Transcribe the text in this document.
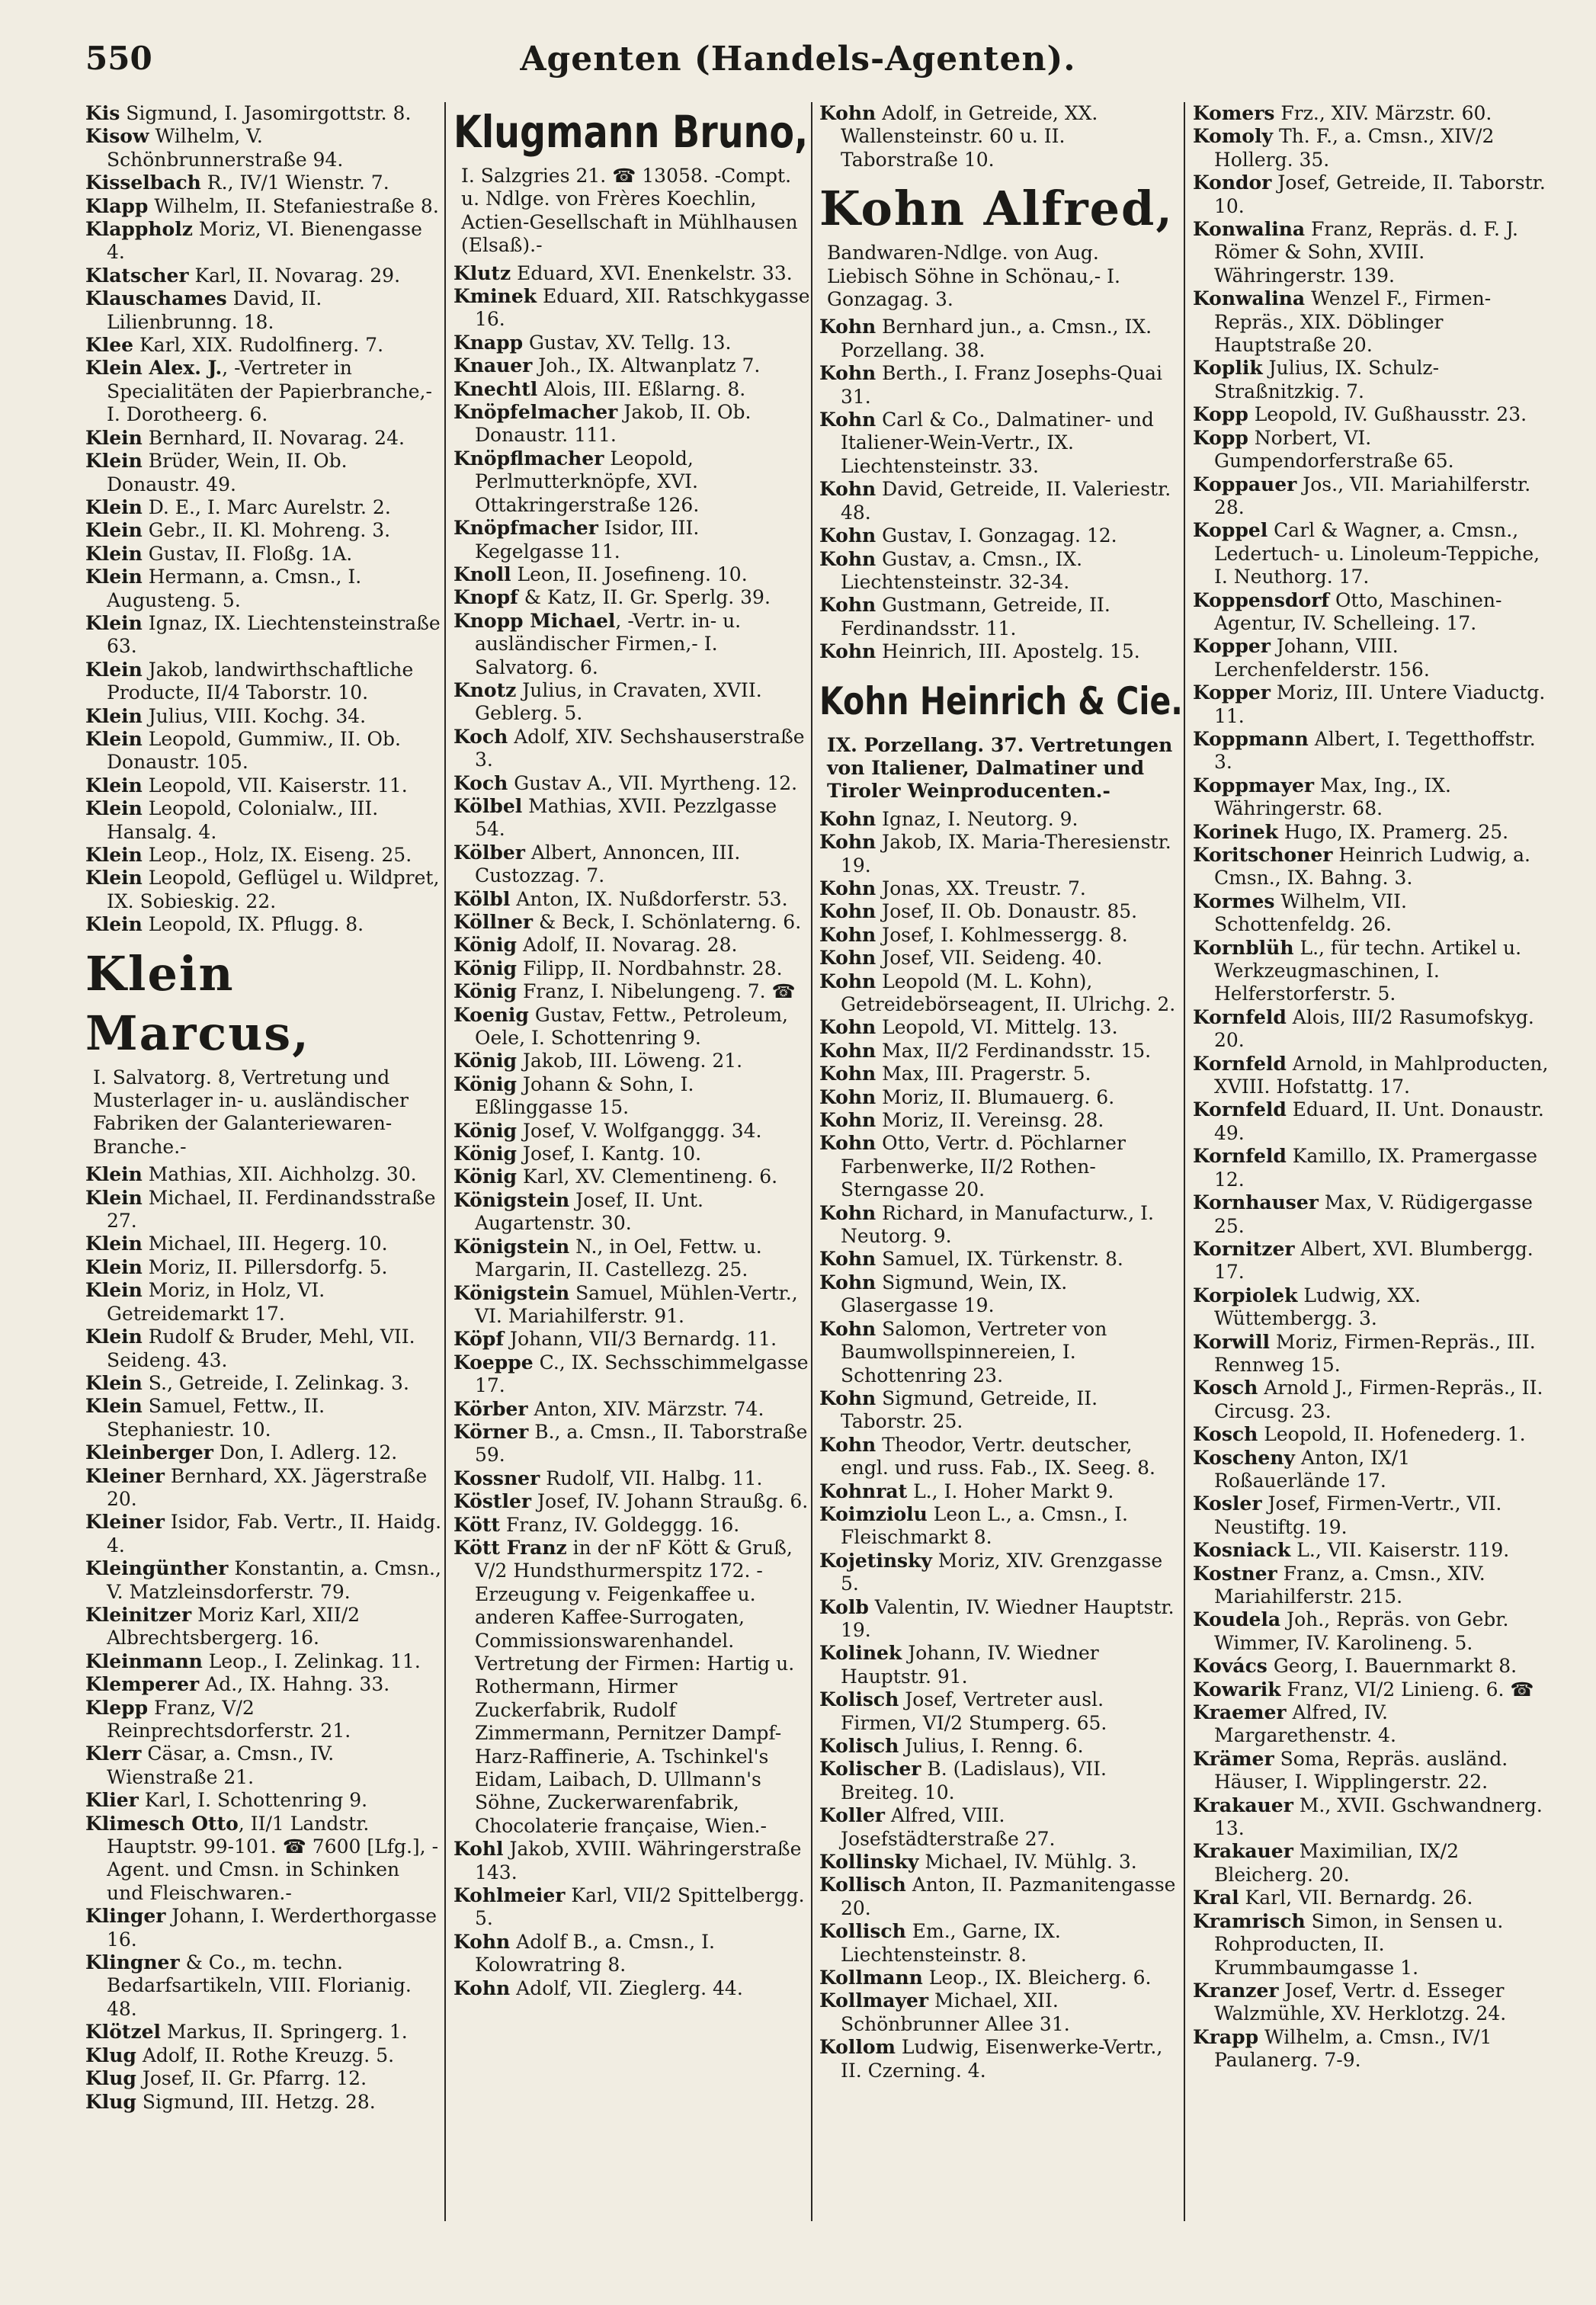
550	Agenten (Handels-Agenten).

Kis Sigmund, I. Jasomirgottstr. 8.

Kisow Wilhelm, V. Schönbrunnerstraße 94.

Kisselbach R., IV/1 Wienstr. 7.

Klapp Wilhelm, II. Stefaniestraße 8.

Klappholz Moriz, VI. Bienengasse 4.

Klatscher Karl, II. Novarag. 29.

Klauschames David, II. Lilienbrunng. 18.

Klee Karl, XIX. Rudolfinerg. 7.

Klein Alex. J., -Vertreter in Specialitäten der Papierbranche,- I. Dorotheerg. 6.

Klein Bernhard, II. Novarag. 24.

Klein Brüder, Wein, II. Ob. Donaustr. 49.

Klein D. E., I. Marc Aurelstr. 2.

Klein Gebr., II. Kl. Mohreng. 3.

Klein Gustav, II. Floßg. 1A.

Klein Hermann, a. Cmsn., I. Augusteng. 5.

Klein Ignaz, IX. Liechtensteinstraße 63.

Klein Jakob, landwirthschaftliche Producte, II/4 Taborstr. 10.

Klein Julius, VIII. Kochg. 34.

Klein Leopold, Gummiw., II. Ob. Donaustr. 105.

Klein Leopold, VII. Kaiserstr. 11.

Klein Leopold, Colonialw., III. Hansalg. 4.

Klein Leop., Holz, IX. Eiseng. 25.

Klein Leopold, Geflügel u. Wildpret, IX. Sobieskig. 22.

Klein Leopold, IX. Pflugg. 8.

Klein Marcus,

I. Salvatorg. 8, Vertretung und Musterlager in- u. ausländischer Fabriken der Galanteriewaren-Branche.-

Klein Mathias, XII. Aichholzg. 30.

Klein Michael, II. Ferdinandsstraße 27.

Klein Michael, III. Hegerg. 10.

Klein Moriz, II. Pillersdorfg. 5.

Klein Moriz, in Holz, VI. Getreidemarkt 17.

Klein Rudolf & Bruder, Mehl, VII. Seideng. 43.

Klein S., Getreide, I. Zelinkag. 3.

Klein Samuel, Fettw., II. Stephaniestr. 10.

Kleinberger Don, I. Adlerg. 12.

Kleiner Bernhard, XX. Jägerstraße 20.

Kleiner Isidor, Fab. Vertr., II. Haidg. 4.

Kleingünther Konstantin, a. Cmsn., V. Matzleinsdorferstr. 79.

Kleinitzer Moriz Karl, XII/2 Albrechtsbergerg. 16.

Kleinmann Leop., I. Zelinkag. 11.

Klemperer Ad., IX. Hahng. 33.

Klepp Franz, V/2 Reinprechtsdorferstr. 21.

Klerr Cäsar, a. Cmsn., IV. Wienstraße 21.

Klier Karl, I. Schottenring 9.

Klimesch Otto, II/1 Landstr. Hauptstr. 99-101. ☎ 7600 [Lfg.], -Agent. und Cmsn. in Schinken und Fleischwaren.-

Klinger Johann, I. Werderthorgasse 16.

Klingner & Co., m. techn. Bedarfsartikeln, VIII. Florianig. 48.

Klötzel Markus, II. Springerg. 1.

Klug Adolf, II. Rothe Kreuzg. 5.

Klug Josef, II. Gr. Pfarrg. 12.

Klug Sigmund, III. Hetzg. 28.

Klugmann Bruno,

I. Salzgries 21. ☎ 13058. -Compt. u. Ndlge. von Frères Koechlin, Actien-Gesellschaft in Mühlhausen (Elsaß).-

Klutz Eduard, XVI. Enenkelstr. 33.

Kminek Eduard, XII. Ratschkygasse 16.

Knapp Gustav, XV. Tellg. 13.

Knauer Joh., IX. Altwanplatz 7.

Knechtl Alois, III. Eßlarng. 8.

Knöpfelmacher Jakob, II. Ob. Donaustr. 111.

Knöpflmacher Leopold, Perlmutterknöpfe, XVI. Ottakringerstraße 126.

Knöpfmacher Isidor, III. Kegelgasse 11.

Knoll Leon, II. Josefineng. 10.

Knopf & Katz, II. Gr. Sperlg. 39.

Knopp Michael, -Vertr. in- u. ausländischer Firmen,- I. Salvatorg. 6.

Knotz Julius, in Cravaten, XVII. Geblerg. 5.

Koch Adolf, XIV. Sechshauserstraße 3.

Koch Gustav A., VII. Myrtheng. 12.

Kölbel Mathias, XVII. Pezzlgasse 54.

Kölber Albert, Annoncen, III. Custozzag. 7.

Kölbl Anton, IX. Nußdorferstr. 53.

Köllner & Beck, I. Schönlaterng. 6.

König Adolf, II. Novarag. 28.

König Filipp, II. Nordbahnstr. 28.

König Franz, I. Nibelungeng. 7. ☎

Koenig Gustav, Fettw., Petroleum, Oele, I. Schottenring 9.

König Jakob, III. Löweng. 21.

König Johann & Sohn, I. Eßlinggasse 15.

König Josef, V. Wolfganggg. 34.

König Josef, I. Kantg. 10.

König Karl, XV. Clementineng. 6.

Königstein Josef, II. Unt. Augartenstr. 30.

Königstein N., in Oel, Fettw. u. Margarin, II. Castellezg. 25.

Königstein Samuel, Mühlen-Vertr., VI. Mariahilferstr. 91.

Köpf Johann, VII/3 Bernardg. 11.

Koeppe C., IX. Sechsschimmelgasse 17.

Körber Anton, XIV. Märzstr. 74.

Körner B., a. Cmsn., II. Taborstraße 59.

Kossner Rudolf, VII. Halbg. 11.

Köstler Josef, IV. Johann Straußg. 6.

Kött Franz, IV. Goldeggg. 16.

Kött Franz in der nF Kött & Gruß, V/2 Hundsthurmerspitz 172. -Erzeugung v. Feigenkaffee u. anderen Kaffee-Surrogaten, Commissionswarenhandel. Vertretung der Firmen: Hartig u. Rothermann, Hirmer Zuckerfabrik, Rudolf Zimmermann, Pernitzer Dampf-Harz-Raffinerie, A. Tschinkel's Eidam, Laibach, D. Ullmann's Söhne, Zuckerwarenfabrik, Chocolaterie française, Wien.-

Kohl Jakob, XVIII. Währingerstraße 143.

Kohlmeier Karl, VII/2 Spittelbergg. 5.

Kohn Adolf B., a. Cmsn., I. Kolowratring 8.

Kohn Adolf, VII. Zieglerg. 44.

Kohn Adolf, in Getreide, XX. Wallensteinstr. 60 u. II. Taborstraße 10.

Kohn Alfred,

Bandwaren-Ndlge. von Aug. Liebisch Söhne in Schönau,- I. Gonzagag. 3.

Kohn Bernhard jun., a. Cmsn., IX. Porzellang. 38.

Kohn Berth., I. Franz Josephs-Quai 31.

Kohn Carl & Co., Dalmatiner- und Italiener-Wein-Vertr., IX. Liechtensteinstr. 33.

Kohn David, Getreide, II. Valeriestr. 48.

Kohn Gustav, I. Gonzagag. 12.

Kohn Gustav, a. Cmsn., IX. Liechtensteinstr. 32-34.

Kohn Gustmann, Getreide, II. Ferdinandsstr. 11.

Kohn Heinrich, III. Apostelg. 15.

Kohn Heinrich & Cie.

IX. Porzellang. 37. Vertretungen von Italiener, Dalmatiner und Tiroler Weinproducenten.-

Kohn Ignaz, I. Neutorg. 9.

Kohn Jakob, IX. Maria-Theresienstr. 19.

Kohn Jonas, XX. Treustr. 7.

Kohn Josef, II. Ob. Donaustr. 85.

Kohn Josef, I. Kohlmessergg. 8.

Kohn Josef, VII. Seideng. 40.

Kohn Leopold (M. L. Kohn), Getreidebörseagent, II. Ulrichg. 2.

Kohn Leopold, VI. Mittelg. 13.

Kohn Max, II/2 Ferdinandsstr. 15.

Kohn Max, III. Pragerstr. 5.

Kohn Moriz, II. Blumauerg. 6.

Kohn Moriz, II. Vereinsg. 28.

Kohn Otto, Vertr. d. Pöchlarner Farbenwerke, II/2 Rothen-Sterngasse 20.

Kohn Richard, in Manufacturw., I. Neutorg. 9.

Kohn Samuel, IX. Türkenstr. 8.

Kohn Sigmund, Wein, IX. Glasergasse 19.

Kohn Salomon, Vertreter von Baumwollspinnereien, I. Schottenring 23.

Kohn Sigmund, Getreide, II. Taborstr. 25.

Kohn Theodor, Vertr. deutscher, engl. und russ. Fab., IX. Seeg. 8.

Kohnrat L., I. Hoher Markt 9.

Koimziolu Leon L., a. Cmsn., I. Fleischmarkt 8.

Kojetinsky Moriz, XIV. Grenzgasse 5.

Kolb Valentin, IV. Wiedner Hauptstr. 19.

Kolinek Johann, IV. Wiedner Hauptstr. 91.

Kolisch Josef, Vertreter ausl. Firmen, VI/2 Stumperg. 65.

Kolisch Julius, I. Renng. 6.

Kolischer B. (Ladislaus), VII. Breiteg. 10.

Koller Alfred, VIII. Josefstädterstraße 27.

Kollinsky Michael, IV. Mühlg. 3.

Kollisch Anton, II. Pazmanitengasse 20.

Kollisch Em., Garne, IX. Liechtensteinstr. 8.

Kollmann Leop., IX. Bleicherg. 6.

Kollmayer Michael, XII. Schönbrunner Allee 31.

Kollom Ludwig, Eisenwerke-Vertr., II. Czerning. 4.

Komers Frz., XIV. Märzstr. 60.

Komoly Th. F., a. Cmsn., XIV/2 Hollerg. 35.

Kondor Josef, Getreide, II. Taborstr. 10.

Konwalina Franz, Repräs. d. F. J. Römer & Sohn, XVIII. Währingerstr. 139.

Konwalina Wenzel F., Firmen-Repräs., XIX. Döblinger Hauptstraße 20.

Koplik Julius, IX. Schulz-Straßnitzkig. 7.

Kopp Leopold, IV. Gußhausstr. 23.

Kopp Norbert, VI. Gumpendorferstraße 65.

Koppauer Jos., VII. Mariahilferstr. 28.

Koppel Carl & Wagner, a. Cmsn., Ledertuch- u. Linoleum-Teppiche, I. Neuthorg. 17.

Koppensdorf Otto, Maschinen-Agentur, IV. Schelleing. 17.

Kopper Johann, VIII. Lerchenfelderstr. 156.

Kopper Moriz, III. Untere Viaductg. 11.

Koppmann Albert, I. Tegetthoffstr. 3.

Koppmayer Max, Ing., IX. Währingerstr. 68.

Korinek Hugo, IX. Pramerg. 25.

Koritschoner Heinrich Ludwig, a. Cmsn., IX. Bahng. 3.

Kormes Wilhelm, VII. Schottenfeldg. 26.

Kornblüh L., für techn. Artikel u. Werkzeugmaschinen, I. Helferstorferstr. 5.

Kornfeld Alois, III/2 Rasumofskyg. 20.

Kornfeld Arnold, in Mahlproducten, XVIII. Hofstattg. 17.

Kornfeld Eduard, II. Unt. Donaustr. 49.

Kornfeld Kamillo, IX. Pramergasse 12.

Kornhauser Max, V. Rüdigergasse 25.

Kornitzer Albert, XVI. Blumbergg. 17.

Korpiolek Ludwig, XX. Wüttembergg. 3.

Korwill Moriz, Firmen-Repräs., III. Rennweg 15.

Kosch Arnold J., Firmen-Repräs., II. Circusg. 23.

Kosch Leopold, II. Hofenederg. 1.

Koscheny Anton, IX/1 Roßauerlände 17.

Kosler Josef, Firmen-Vertr., VII. Neustiftg. 19.

Kosniack L., VII. Kaiserstr. 119.

Kostner Franz, a. Cmsn., XIV. Mariahilferstr. 215.

Koudela Joh., Repräs. von Gebr. Wimmer, IV. Karolineng. 5.

Kovács Georg, I. Bauernmarkt 8.

Kowarik Franz, VI/2 Linieng. 6. ☎

Kraemer Alfred, IV. Margarethenstr. 4.

Krämer Soma, Repräs. ausländ. Häuser, I. Wipplingerstr. 22.

Krakauer M., XVII. Gschwandnerg. 13.

Krakauer Maximilian, IX/2 Bleicherg. 20.

Kral Karl, VII. Bernardg. 26.

Kramrisch Simon, in Sensen u. Rohproducten, II. Krummbaumgasse 1.

Kranzer Josef, Vertr. d. Esseger Walzmühle, XV. Herklotzg. 24.

Krapp Wilhelm, a. Cmsn., IV/1 Paulanerg. 7-9.
